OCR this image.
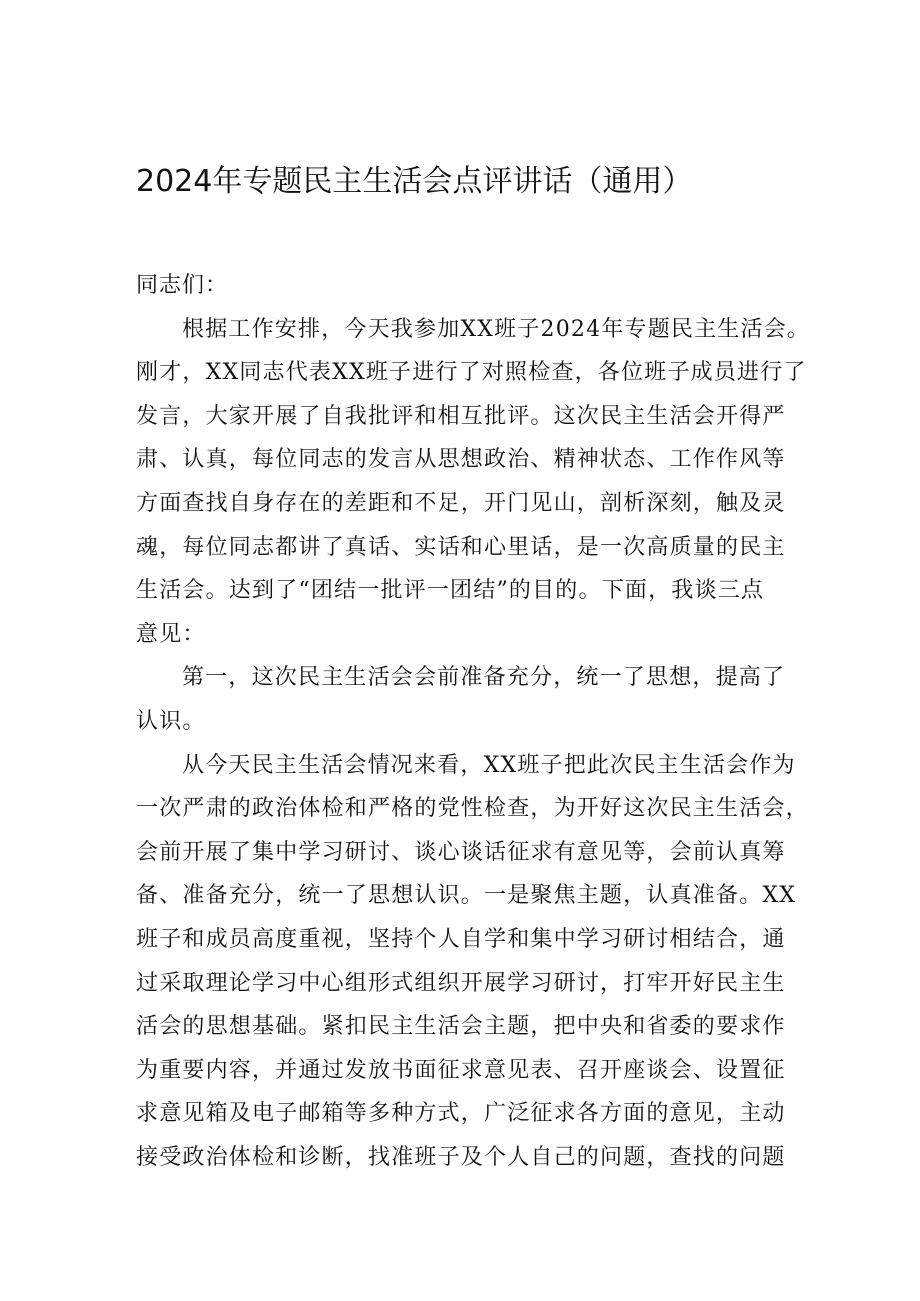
2024年专题民主生活会点评讲话（通用）
同志们：
根据工作安排，今天我参加XX班子2024年专题民主生活会。
刚才，XX同志代表XX班子进行了对照检查，各位班子成员进行了
发言，大家开展了自我批评和相互批评。这次民主生活会开得严
肃、认真，每位同志的发言从思想政治、精神状态、工作作风等
方面查找自身存在的差距和不足，开门见山，剖析深刻，触及灵
魂，每位同志都讲了真话、实话和心里话，是一次高质量的民主
生活会。达到了“团结一批评一团结”的目的。下面，我谈三点
意见：
第一，这次民主生活会会前准备充分，统一了思想，提高了
认识。
从今天民主生活会情况来看，XX班子把此次民主生活会作为
一次严肃的政治体检和严格的党性检查，为开好这次民主生活会，
会前开展了集中学习研讨、谈心谈话征求有意见等，会前认真筹
备、准备充分，统一了思想认识。一是聚焦主题，认真准备。XX
班子和成员高度重视，坚持个人自学和集中学习研讨相结合，通
过采取理论学习中心组形式组织开展学习研讨，打牢开好民主生
活会的思想基础。紧扣民主生活会主题，把中央和省委的要求作
为重要内容，并通过发放书面征求意见表、召开座谈会、设置征
求意见箱及电子邮箱等多种方式，广泛征求各方面的意见，主动
接受政治体检和诊断，找准班子及个人自己的问题，查找的问题
